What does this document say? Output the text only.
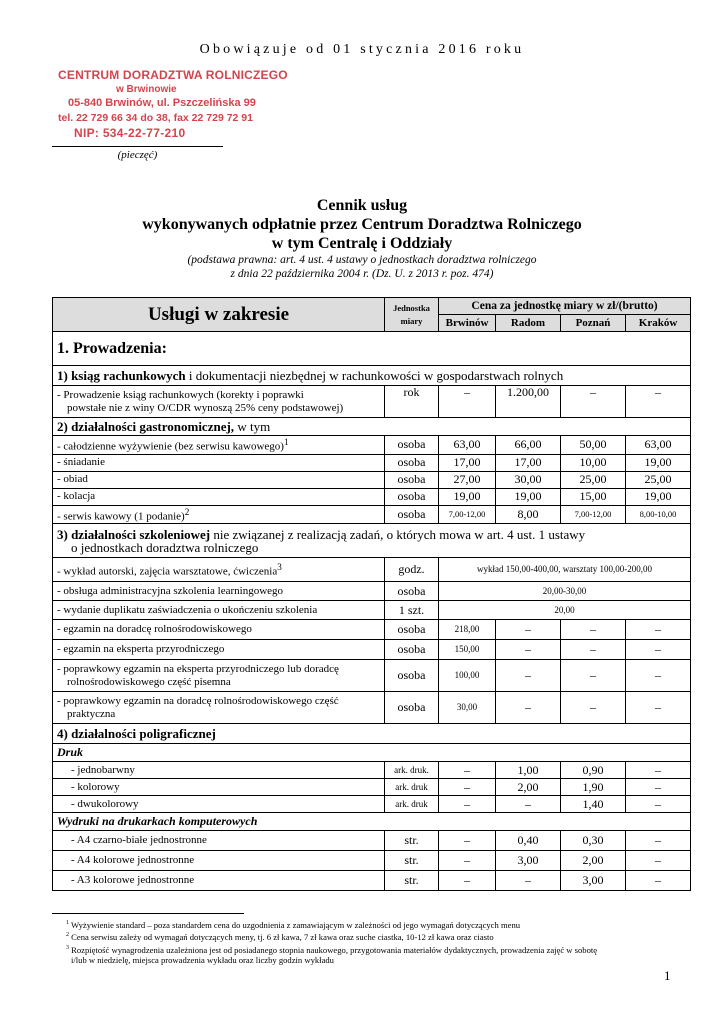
Obowiązuje od 01 stycznia 2016 roku
CENTRUM DORADZTWA ROLNICZEGO
w Brwinowie
05-840 Brwinów, ul. Pszczelińska 99
tel. 22 729 66 34 do 38, fax 22 729 72 91
NIP: 534-22-77-210
(pieczęć)
Cennik usług
wykonywanych odpłatnie przez Centrum Doradztwa Rolniczego
w tym Centralę i Oddziały
(podstawa prawna: art. 4 ust. 4 ustawy o jednostkach doradztwa rolniczego
z dnia 22 października 2004 r. (Dz. U. z 2013 r. poz. 474)
Usługi w zakresie	Jednostka miary	Cena za jednostkę miary w zł/(brutto)			
		Brwinów	Radom	Poznań	Kraków
1. Prowadzenia:					
1) ksiąg rachunkowych i dokumentacji niezbędnej w rachunkowości w gospodarstwach rolnych					

- Prowadzenie ksiąg rachunkowych (korekty i poprawki
powstałe nie z winy O/CDR wynoszą 25% ceny podstawowej)	rok	–	1.200,00	–	–
2) działalności gastronomicznej, w tym					
- całodzienne wyżywienie (bez serwisu kawowego)$^1$	osoba	63,00	66,00	50,00	63,00
- śniadanie	osoba	17,00	17,00	10,00	19,00
- obiad	osoba	27,00	30,00	25,00	25,00
- kolacja	osoba	19,00	19,00	15,00	19,00
- serwis kawowy (1 podanie)$^2$	osoba	7,00-12,00	8,00	7,00-12,00	8,00-10,00
3) działalności szkoleniowej nie związanej z realizacją zadań, o których mowa w art. 4 ust. 1 ustawy
o jednostkach doradztwa rolniczego					

- wykład autorski, zajęcia warsztatowe, ćwiczenia$^3$	godz.	wykład 150,00-400,00, warsztaty 100,00-200,00			
- obsługa administracyjna szkolenia learningowego	osoba	20,00-30,00			
- wydanie duplikatu zaświadczenia o ukończeniu szkolenia	1 szt.	20,00			

- egzamin na doradcę rolnośrodowiskowego	osoba	218,00	–	–	–

- egzamin na eksperta przyrodniczego	osoba	150,00	–	–	–

- poprawkowy egzamin na eksperta przyrodniczego lub doradcę
rolnośrodowiskowego część pisemna	osoba	100,00	–	–	–

- poprawkowy egzamin na doradcę rolnośrodowiskowego część
praktyczna	osoba	30,00	–	–	–
4) działalności poligraficznej					
Druk					
- jednobarwny	ark. druk.	–	1,00	0,90	–
- kolorowy	ark. druk	–	2,00	1,90	–
- dwukolorowy	ark. druk	–	–	1,40	–
Wydruki na drukarkach komputerowych					
- A4 czarno-białe jednostronne	str.	–	0,40	0,30	–
- A4 kolorowe jednostronne	str.	–	3,00	2,00	–
- A3 kolorowe jednostronne	str.	–	–	3,00	–
$^1$ Wyżywienie standard – poza standardem cena do uzgodnienia z zamawiającym w zależności od jego wymagań dotyczących menu
$^2$ Cena serwisu zależy od wymagań dotyczących meny, tj. 6 zł kawa, 7 zł kawa oraz suche ciastka, 10-12 zł kawa oraz ciasto
$^3$ Rozpiętość wynagrodzenia uzależniona jest od posiadanego stopnia naukowego, przygotowania materiałów dydaktycznych, prowadzenia zajęć w sobotę
i/lub w niedzielę, miejsca prowadzenia wykładu oraz liczby godzin wykładu
1
